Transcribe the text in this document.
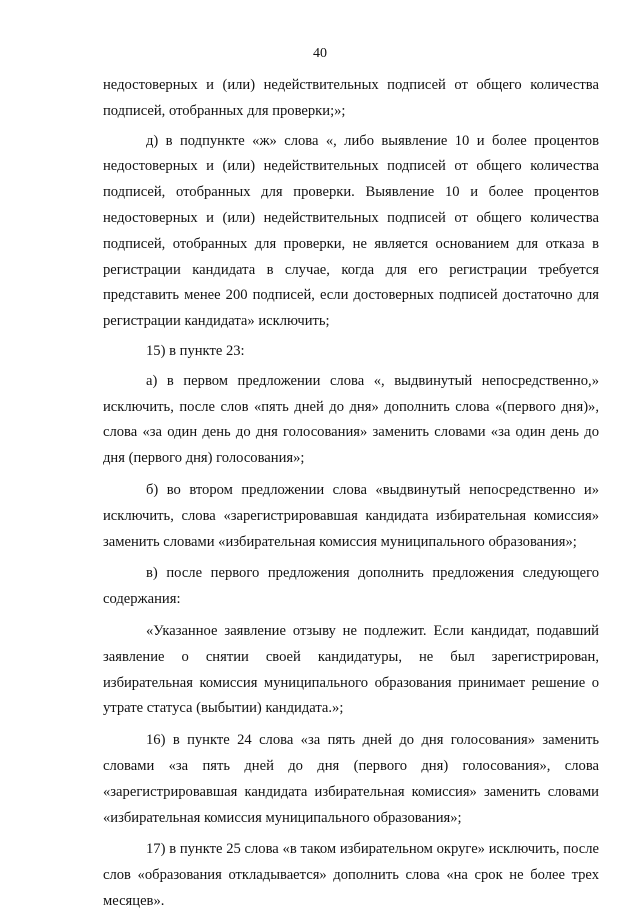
40

недостоверных и (или) недействительных подписей от общего количества подписей, отобранных для проверки;»;

д) в подпункте «ж» слова «, либо выявление 10 и более процентов недостоверных и (или) недействительных подписей от общего количества подписей, отобранных для проверки. Выявление 10 и более процентов недостоверных и (или) недействительных подписей от общего количества подписей, отобранных для проверки, не является основанием для отказа в регистрации кандидата в случае, когда для его регистрации требуется представить менее 200 подписей, если достоверных подписей достаточно для регистрации кандидата» исключить;

15) в пункте 23:

а) в первом предложении слова «, выдвинутый непосредственно,» исключить, после слов «пять дней до дня» дополнить слова «(первого дня)», слова «за один день до дня голосования» заменить словами «за один день до дня (первого дня) голосования»;

б) во втором предложении слова «выдвинутый непосредственно и» исключить, слова «зарегистрировавшая кандидата избирательная комиссия» заменить словами «избирательная комиссия муниципального образования»;

в) после первого предложения дополнить предложения следующего содержания:

«Указанное заявление отзыву не подлежит. Если кандидат, подавший заявление о снятии своей кандидатуры, не был зарегистрирован, избирательная комиссия муниципального образования принимает решение о утрате статуса (выбытии) кандидата.»;

16) в пункте 24 слова «за пять дней до дня голосования» заменить словами «за пять дней до дня (первого дня) голосования», слова «зарегистрировавшая кандидата избирательная комиссия» заменить словами «избирательная комиссия муниципального образования»;

17) в пункте 25 слова «в таком избирательном округе» исключить, после слов «образования откладывается» дополнить слова «на срок не более трех месяцев».
